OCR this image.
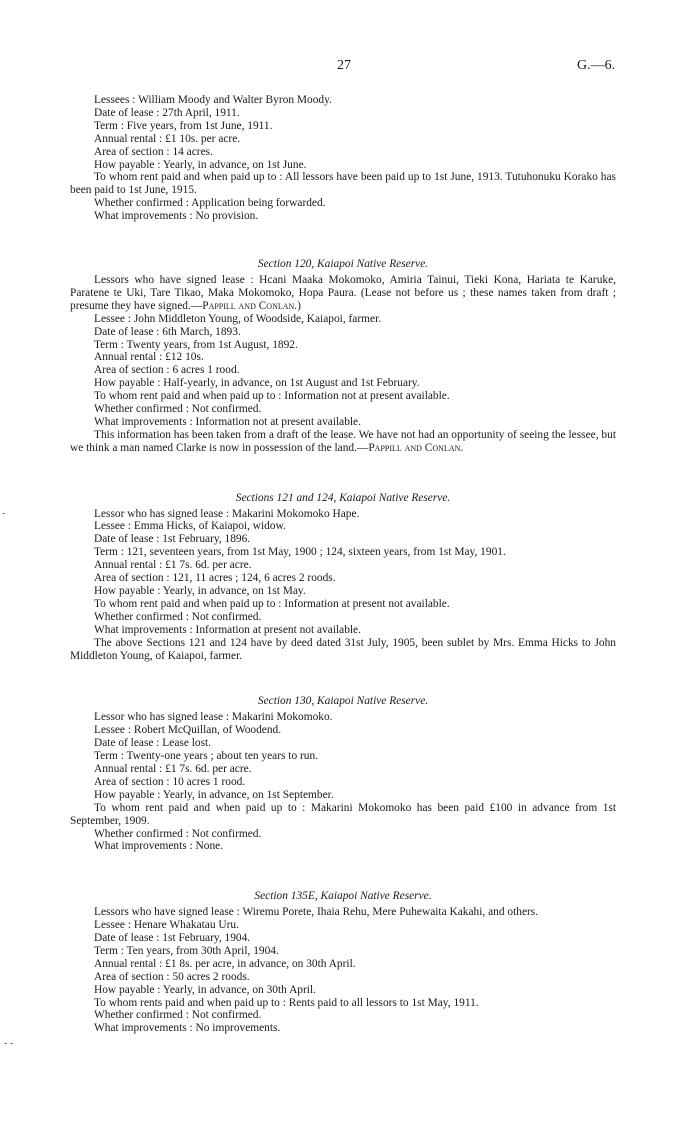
27	G.—6.
Lessees : William Moody and Walter Byron Moody.
Date of lease : 27th April, 1911.
Term : Five years, from 1st June, 1911.
Annual rental : £1 10s. per acre.
Area of section : 14 acres.
How payable : Yearly, in advance, on 1st June.
To whom rent paid and when paid up to : All lessors have been paid up to 1st June, 1913. Tutuhonuku Korako has been paid to 1st June, 1915.
Whether confirmed : Application being forwarded.
What improvements : No provision.
Section 120, Kaiapoi Native Reserve.
Lessors who have signed lease : Hcani Maaka Mokomoko, Amiria Tainui, Tieki Kona, Hariata te Karuke, Paratene te Uki, Tare Tikao, Maka Mokomoko, Hopa Paura. (Lease not before us ; these names taken from draft ; presume they have signed.—Pappill and Conlan.)
Lessee : John Middleton Young, of Woodside, Kaiapoi, farmer.
Date of lease : 6th March, 1893.
Term : Twenty years, from 1st August, 1892.
Annual rental : £12 10s.
Area of section : 6 acres 1 rood.
How payable : Half-yearly, in advance, on 1st August and 1st February.
To whom rent paid and when paid up to : Information not at present available.
Whether confirmed : Not confirmed.
What improvements : Information not at present available.
This information has been taken from a draft of the lease. We have not had an opportunity of seeing the lessee, but we think a man named Clarke is now in possession of the land.—Pappill and Conlan.
Sections 121 and 124, Kaiapoi Native Reserve.
Lessor who has signed lease : Makarini Mokomoko Hape.
Lessee : Emma Hicks, of Kaiapoi, widow.
Date of lease : 1st February, 1896.
Term : 121, seventeen years, from 1st May, 1900 ; 124, sixteen years, from 1st May, 1901.
Annual rental : £1 7s. 6d. per acre.
Area of section : 121, 11 acres ; 124, 6 acres 2 roods.
How payable : Yearly, in advance, on 1st May.
To whom rent paid and when paid up to : Information at present not available.
Whether confirmed : Not confirmed.
What improvements : Information at present not available.
The above Sections 121 and 124 have by deed dated 31st July, 1905, been sublet by Mrs. Emma Hicks to John Middleton Young, of Kaiapoi, farmer.
Section 130, Kaiapoi Native Reserve.
Lessor who has signed lease : Makarini Mokomoko.
Lessee : Robert McQuillan, of Woodend.
Date of lease : Lease lost.
Term : Twenty-one years ; about ten years to run.
Annual rental : £1 7s. 6d. per acre.
Area of section : 10 acres 1 rood.
How payable : Yearly, in advance, on 1st September.
To whom rent paid and when paid up to : Makarini Mokomoko has been paid £100 in advance from 1st September, 1909.
Whether confirmed : Not confirmed.
What improvements : None.
Section 135E, Kaiapoi Native Reserve.
Lessors who have signed lease : Wiremu Porete, Ihaia Rehu, Mere Puhewaita Kakahi, and others.
Lessee : Henare Whakatau Uru.
Date of lease : 1st February, 1904.
Term : Ten years, from 30th April, 1904.
Annual rental : £1 8s. per acre, in advance, on 30th April.
Area of section : 50 acres 2 roods.
How payable : Yearly, in advance, on 30th April.
To whom rents paid and when paid up to : Rents paid to all lessors to 1st May, 1911.
Whether confirmed : Not confirmed.
What improvements : No improvements.
‐
‐ ‐
